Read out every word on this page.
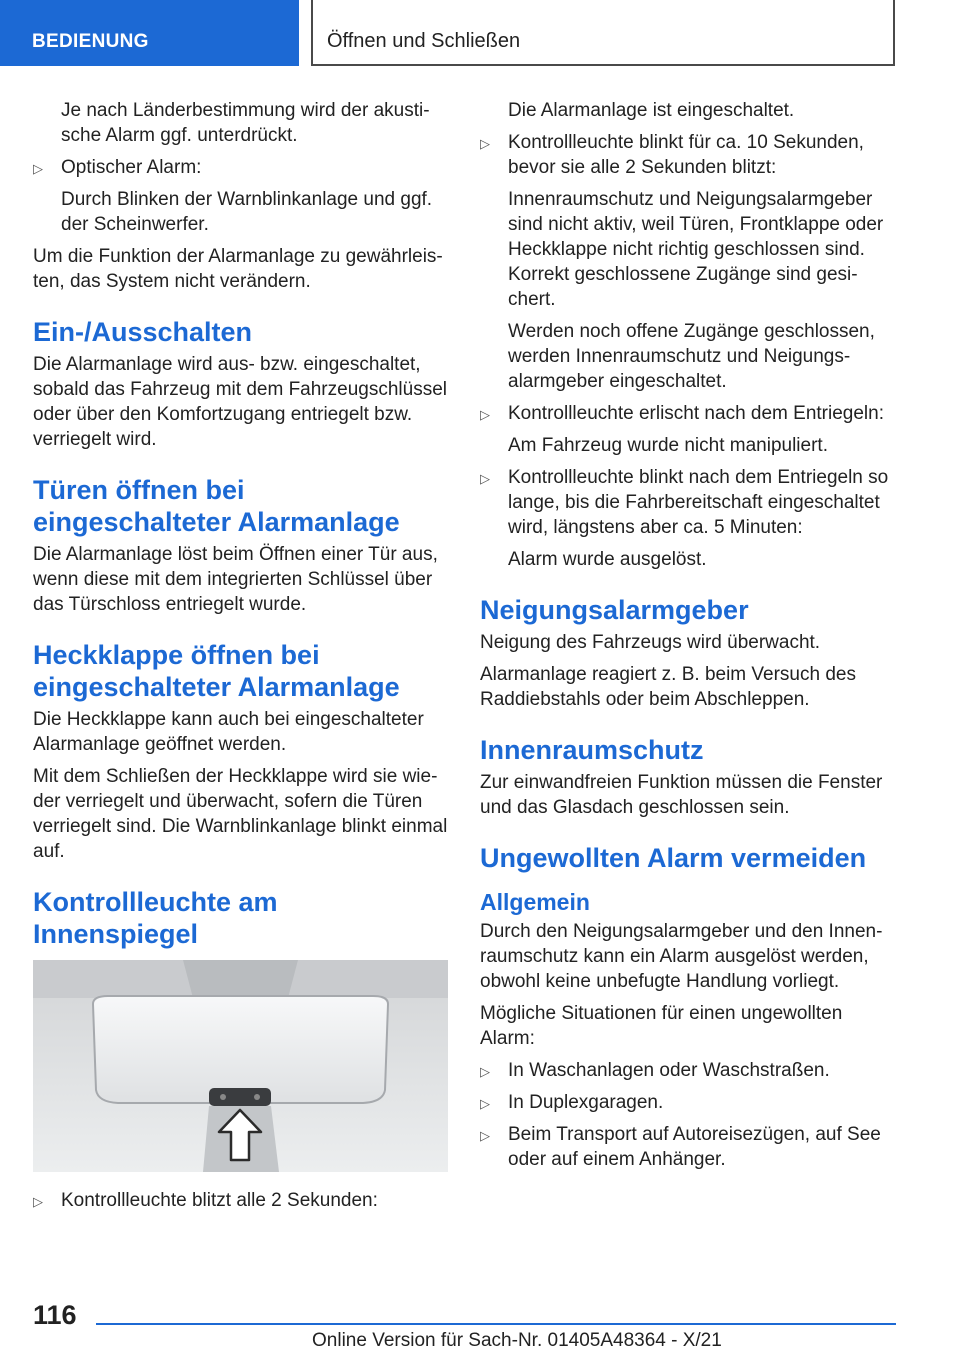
BEDIENUNG	Öffnen und Schließen

Je nach Länderbestimmung wird der akusti-sche Alarm ggf. unterdrückt.

▷ Optischer Alarm:

Durch Blinken der Warnblinkanlage und ggf. der Scheinwerfer.

Um die Funktion der Alarmanlage zu gewährleis-ten, das System nicht verändern.

Ein-/Ausschalten

Die Alarmanlage wird aus- bzw. eingeschaltet, sobald das Fahrzeug mit dem Fahrzeugschlüssel oder über den Komfortzugang entriegelt bzw. verriegelt wird.

Türen öffnen bei eingeschalteter Alarmanlage

Die Alarmanlage löst beim Öffnen einer Tür aus, wenn diese mit dem integrierten Schlüssel über das Türschloss entriegelt wurde.

Heckklappe öffnen bei eingeschalteter Alarmanlage

Die Heckklappe kann auch bei eingeschalteter Alarmanlage geöffnet werden.

Mit dem Schließen der Heckklappe wird sie wie-der verriegelt und überwacht, sofern die Türen verriegelt sind. Die Warnblinkanlage blinkt einmal auf.

Kontrollleuchte am Innenspiegel
▷ Kontrollleuchte blitzt alle 2 Sekunden:

Die Alarmanlage ist eingeschaltet.

▷ Kontrollleuchte blinkt für ca. 10 Sekunden, bevor sie alle 2 Sekunden blitzt:

Innenraumschutz und Neigungsalarmgeber sind nicht aktiv, weil Türen, Frontklappe oder Heckklappe nicht richtig geschlossen sind. Korrekt geschlossene Zugänge sind gesi-chert.

Werden noch offene Zugänge geschlossen, werden Innenraumschutz und Neigungs-alarmgeber eingeschaltet.

▷ Kontrollleuchte erlischt nach dem Entriegeln:

Am Fahrzeug wurde nicht manipuliert.

▷ Kontrollleuchte blinkt nach dem Entriegeln so lange, bis die Fahrbereitschaft eingeschaltet wird, längstens aber ca. 5 Minuten:

Alarm wurde ausgelöst.

Neigungsalarmgeber

Neigung des Fahrzeugs wird überwacht.

Alarmanlage reagiert z. B. beim Versuch des Raddiebstahls oder beim Abschleppen.

Innenraumschutz

Zur einwandfreien Funktion müssen die Fenster und das Glasdach geschlossen sein.

Ungewollten Alarm vermeiden
Allgemein

Durch den Neigungsalarmgeber und den Innen-raumschutz kann ein Alarm ausgelöst werden, obwohl keine unbefugte Handlung vorliegt.

Mögliche Situationen für einen ungewollten Alarm:

▷ In Waschanlagen oder Waschstraßen.

▷ In Duplexgaragen.

▷ Beim Transport auf Autoreisezügen, auf See oder auf einem Anhänger.

116
Online Version für Sach-Nr. 01405A48364 - X/21
